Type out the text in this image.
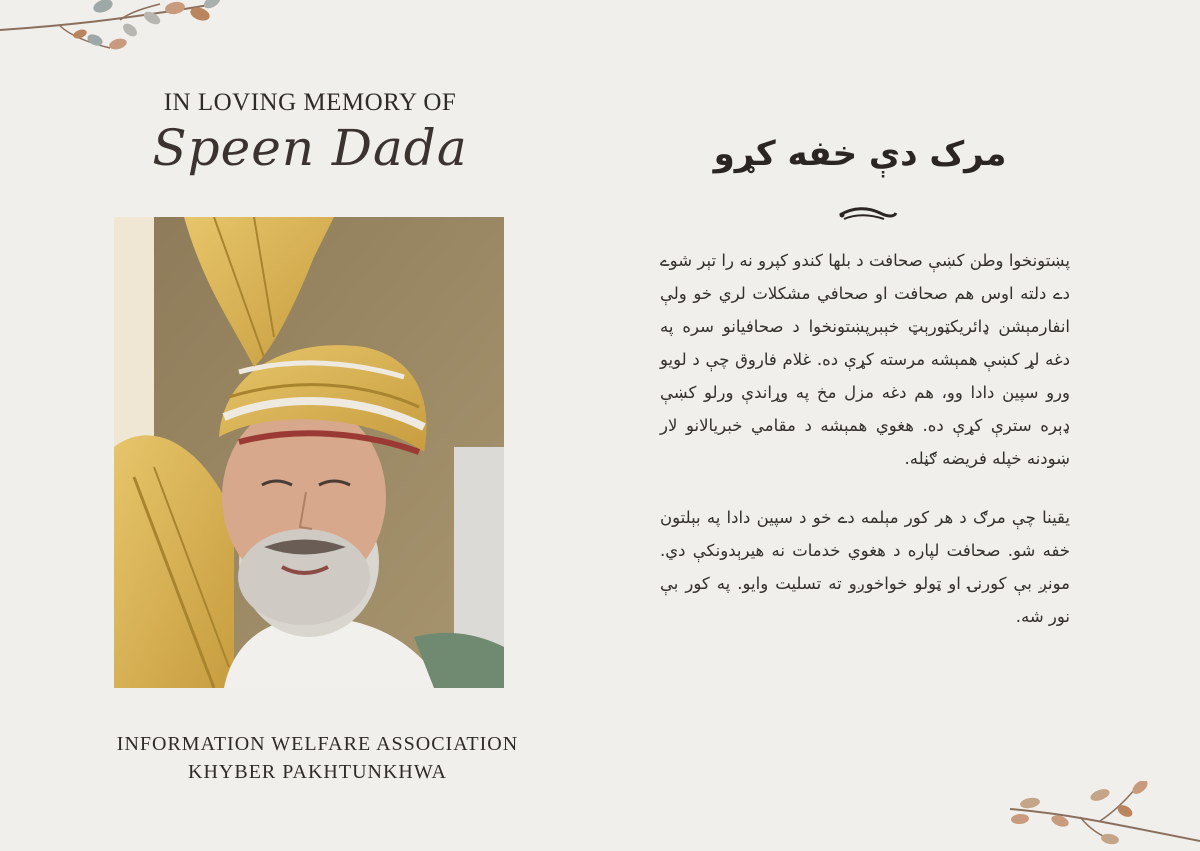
IN LOVING MEMORY OF
Speen Dada
INFORMATION WELFARE ASSOCIATION
KHYBER PAKHTUNKHWA
مرک دې خفه کړو

پښتونخوا وطن کښې صحافت د بلها کندو کپرو نه را تېر شوے دے دلته اوس هم صحافت او صحافي مشکلات لري خو ولې انفارمېشن ډائريکټورېټ خېبرپښتونخوا د صحافيانو سره په دغه لړ کښې همېشه مرسته کړې ده. غلام فاروق چې د لويو ورو سپين دادا وو، هم دغه مزل مخ په وړاندې ورلو کښې ډېره سترې کړې ده. هغوي همېشه د مقامي خبريالانو لار ښودنه خپله فريضه ګڼله.

يقينا چې مرګ د هر کور مېلمه دے خو د سپين دادا په بېلتون خفه شو. صحافت لپاره د هغوي خدمات نه هيرېدونکې دي. مونږ بې کورنۍ او ټولو خواخوږو ته تسليت وايو. په کور بې نور شه.
